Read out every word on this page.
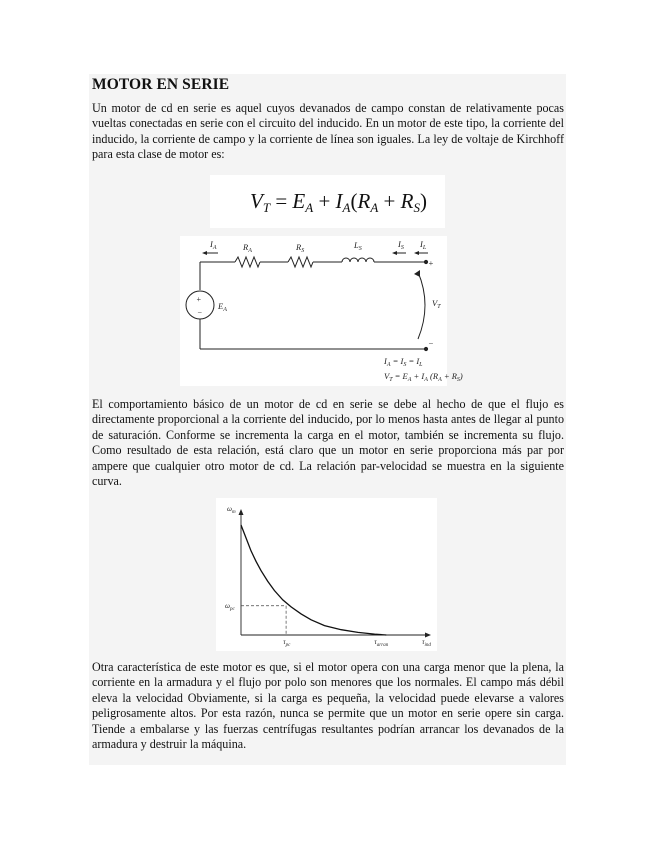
MOTOR EN SERIE

Un motor de cd en serie es aquel cuyos devanados de campo constan de relativamente pocas vueltas conectadas en serie con el circuito del inducido. En un motor de este tipo, la corriente del inducido, la corriente de campo y la corriente de línea son iguales. La ley de voltaje de Kirchhoff para esta clase de motor es:

VT = EA + IA(RA + RS)
+
−
$I_A$	$R_A$	$R_S$
$L_S$	$I_S$ $I_L$
$E_A$
$V_T$
+
−
$I_A = I_S = I_L$
$V_T = E_A + I_A$ $(R_A + R_S)$

El comportamiento básico de un motor de cd en serie se debe al hecho de que el flujo es directamente proporcional a la corriente del inducido, por lo menos hasta antes de llegar al punto de saturación. Conforme se incrementa la carga en el motor, también se incrementa su flujo. Como resultado de esta relación, está claro que un motor en serie proporciona más par por ampere que cualquier otro motor de cd. La relación par-velocidad se muestra en la siguiente curva.

$\omega_m$
$\omega_{pc}$
$\tau_{pc}$	$\tau_{arran}$	$\tau_{ind}$

Otra característica de este motor es que, si el motor opera con una carga menor que la plena, la corriente en la armadura y el flujo por polo son menores que los normales. El campo más débil eleva la velocidad Obviamente, si la carga es pequeña, la velocidad puede elevarse a valores peligrosamente altos. Por esta razón, nunca se permite que un motor en serie opere sin carga. Tiende a embalarse y las fuerzas centrífugas resultantes podrían arrancar los devanados de la armadura y destruir la máquina.
